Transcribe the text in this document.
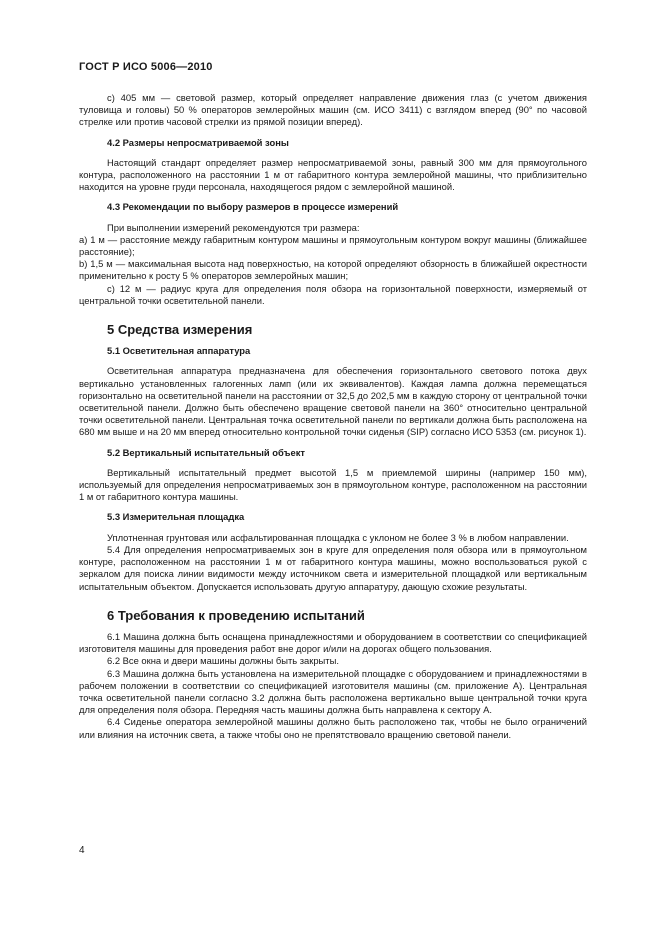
ГОСТ Р ИСО 5006—2010

c) 405 мм — световой размер, который определяет направление движения глаз (с учетом движения туловища и головы) 50 % операторов землеройных машин (см. ИСО 3411) с взглядом вперед (90° по часовой стрелке или против часовой стрелки из прямой позиции вперед).

4.2 Размеры непросматриваемой зоны

Настоящий стандарт определяет размер непросматриваемой зоны, равный 300 мм для прямоугольного контура, расположенного на расстоянии 1 м от габаритного контура землеройной машины, что приблизительно находится на уровне груди персонала, находящегося рядом с землеройной машиной.

4.3 Рекомендации по выбору размеров в процессе измерений

При выполнении измерений рекомендуются три размера:

a) 1 м — расстояние между габаритным контуром машины и прямоугольным контуром вокруг машины (ближайшее расстояние);

b) 1,5 м — максимальная высота над поверхностью, на которой определяют обзорность в ближайшей окрестности применительно к росту 5 % операторов землеройных машин;

c) 12 м — радиус круга для определения поля обзора на горизонтальной поверхности, измеряемый от центральной точки осветительной панели.

5 Средства измерения
5.1 Осветительная аппаратура

Осветительная аппаратура предназначена для обеспечения горизонтального светового потока двух вертикально установленных галогенных ламп (или их эквивалентов). Каждая лампа должна перемещаться горизонтально на осветительной панели на расстоянии от 32,5 до 202,5 мм в каждую сторону от центральной точки осветительной панели. Должно быть обеспечено вращение световой панели на 360° относительно центральной точки осветительной панели. Центральная точка осветительной панели по вертикали должна быть расположена на 680 мм выше и на 20 мм вперед относительно контрольной точки сиденья (SIP) согласно ИСО 5353 (см. рисунок 1).

5.2 Вертикальный испытательный объект

Вертикальный испытательный предмет высотой 1,5 м приемлемой ширины (например 150 мм), используемый для определения непросматриваемых зон в прямоугольном контуре, расположенном на расстоянии 1 м от габаритного контура машины.

5.3 Измерительная площадка

Уплотненная грунтовая или асфальтированная площадка с уклоном не более 3 % в любом направлении.

5.4 Для определения непросматриваемых зон в круге для определения поля обзора или в прямоугольном контуре, расположенном на расстоянии 1 м от габаритного контура машины, можно воспользоваться рукой с зеркалом для поиска линии видимости между источником света и измерительной площадкой или вертикальным испытательным объектом. Допускается использовать другую аппаратуру, дающую схожие результаты.

6 Требования к проведению испытаний

6.1 Машина должна быть оснащена принадлежностями и оборудованием в соответствии со спецификацией изготовителя машины для проведения работ вне дорог и/или на дорогах общего пользования.

6.2 Все окна и двери машины должны быть закрыты.

6.3 Машина должна быть установлена на измерительной площадке с оборудованием и принадлежностями в рабочем положении в соответствии со спецификацией изготовителя машины (см. приложение А). Центральная точка осветительной панели согласно 3.2 должна быть расположена вертикально выше центральной точки круга для определения поля обзора. Передняя часть машины должна быть направлена к сектору А.

6.4 Сиденье оператора землеройной машины должно быть расположено так, чтобы не было ограничений или влияния на источник света, а также чтобы оно не препятствовало вращению световой панели.

4
